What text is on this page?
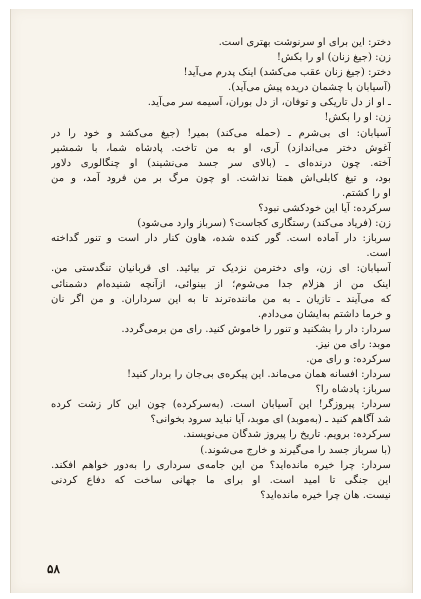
دختر: این برای او سرنوشت بهتری است.
زن: (جیغ زنان) او را بکش!
دختر: (جیغ زنان عقب می‌کشد) اینک پدرم می‌آید!
(آسیابان با چشمان دریده پیش می‌آید).
ـ او از دل تاریکی و توفان، از دل بوران، آسیمه سر می‌آید.
زن: او را بکش!
آسیابان: ای بی‌شرم ـ (حمله می‌کند) بمیر! (جیغ می‌کشد و خود را در
آغوش دختر می‌اندازد) آری، او به من تاخت. پادشاه شما، با شمشیر
آخته. چون درنده‌ای ـ (بالای سر جسد می‌نشیند) او چنگالوری دلاور
بود، و تیغ کابلی‌اش همتا نداشت. او چون مرگ بر من فرود آمد، و من
او را کشتم.
سرکرده: آیا این خودکشی نبود؟
زن: (فریاد می‌کند) رستگاری کجاست؟ (سرباز وارد می‌شود)
سرباز: دار آماده است. گور کنده شده، هاون کنار دار است و تنور گداخته
است.
آسیابان: ای زن، وای دخترمن نزدیک تر بیائید. ای قربانیان تنگدستی من.
اینک من از هزلام جدا می‌شوم؛ از بینوائی، ازآنچه شنیده‌ام دشمنائی
که می‌آیند ـ تازیان ـ به من ماننده‌ترند تا به این سرداران. و من اگر نان
و خرما داشتم به‌ایشان می‌دادم.
سردار: دار را بشکنید و تنور را خاموش کنید. رای من برمی‌گردد.
موبد: رای من نیز.
سرکرده: و رای من.
سردار: افسانه همان می‌ماند. این پیکره‌ی بی‌جان را بردار کنید!
سرباز: پادشاه را؟
سردار: پیروزگر! این آسیابان است. (به‌سرکرده) چون این کار زشت کرده
شد آگاهم کنید ـ (به‌موبد) ای موبد، آیا نباید سرود بخوانی؟
سرکرده: برویم. تاریخ را پیروز شدگان می‌نویسند.
(با سرباز جسد را می‌گیرند و خارج می‌شوند.)
سردار: چرا خیره مانده‌اید؟ من این جامه‌ی سرداری را به‌دور خواهم افکند.
این جنگی تا امید است. او برای ما جهانی ساخت که دفاع کردنی
نیست. هان چرا خیره مانده‌اید؟
۵۸
